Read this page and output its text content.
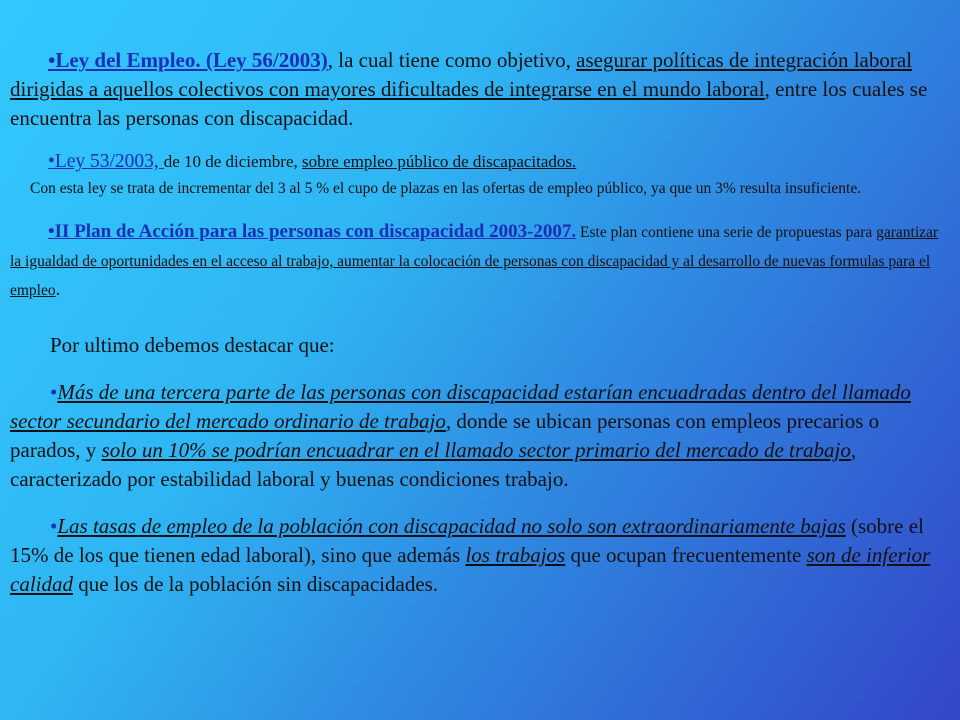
•Ley del Empleo. (Ley 56/2003), la cual tiene como objetivo, asegurar políticas de integración laboral dirigidas a aquellos colectivos con mayores dificultades de integrarse en el mundo laboral, entre los cuales se encuentra las personas con discapacidad.

•Ley 53/2003, de 10 de diciembre, sobre empleo público de discapacitados.

Con esta ley se trata de incrementar del 3 al 5 % el cupo de plazas en las ofertas de empleo público, ya que un 3% resulta insuficiente.

•II Plan de Acción para las personas con discapacidad 2003-2007. Este plan contiene una serie de propuestas para garantizar la igualdad de oportunidades en el acceso al trabajo, aumentar la colocación de personas con discapacidad y al desarrollo de nuevas formulas para el empleo.

Por ultimo debemos destacar que:

•Más de una tercera parte de las personas con discapacidad estarían encuadradas dentro del llamado sector secundario del mercado ordinario de trabajo, donde se ubican personas con empleos precarios o parados, y solo un 10% se podrían encuadrar en el llamado sector primario del mercado de trabajo, caracterizado por estabilidad laboral y buenas condiciones trabajo.

•Las tasas de empleo de la población con discapacidad no solo son extraordinariamente bajas (sobre el 15% de los que tienen edad laboral), sino que además los trabajos que ocupan frecuentemente son de inferior calidad que los de la población sin discapacidades.
